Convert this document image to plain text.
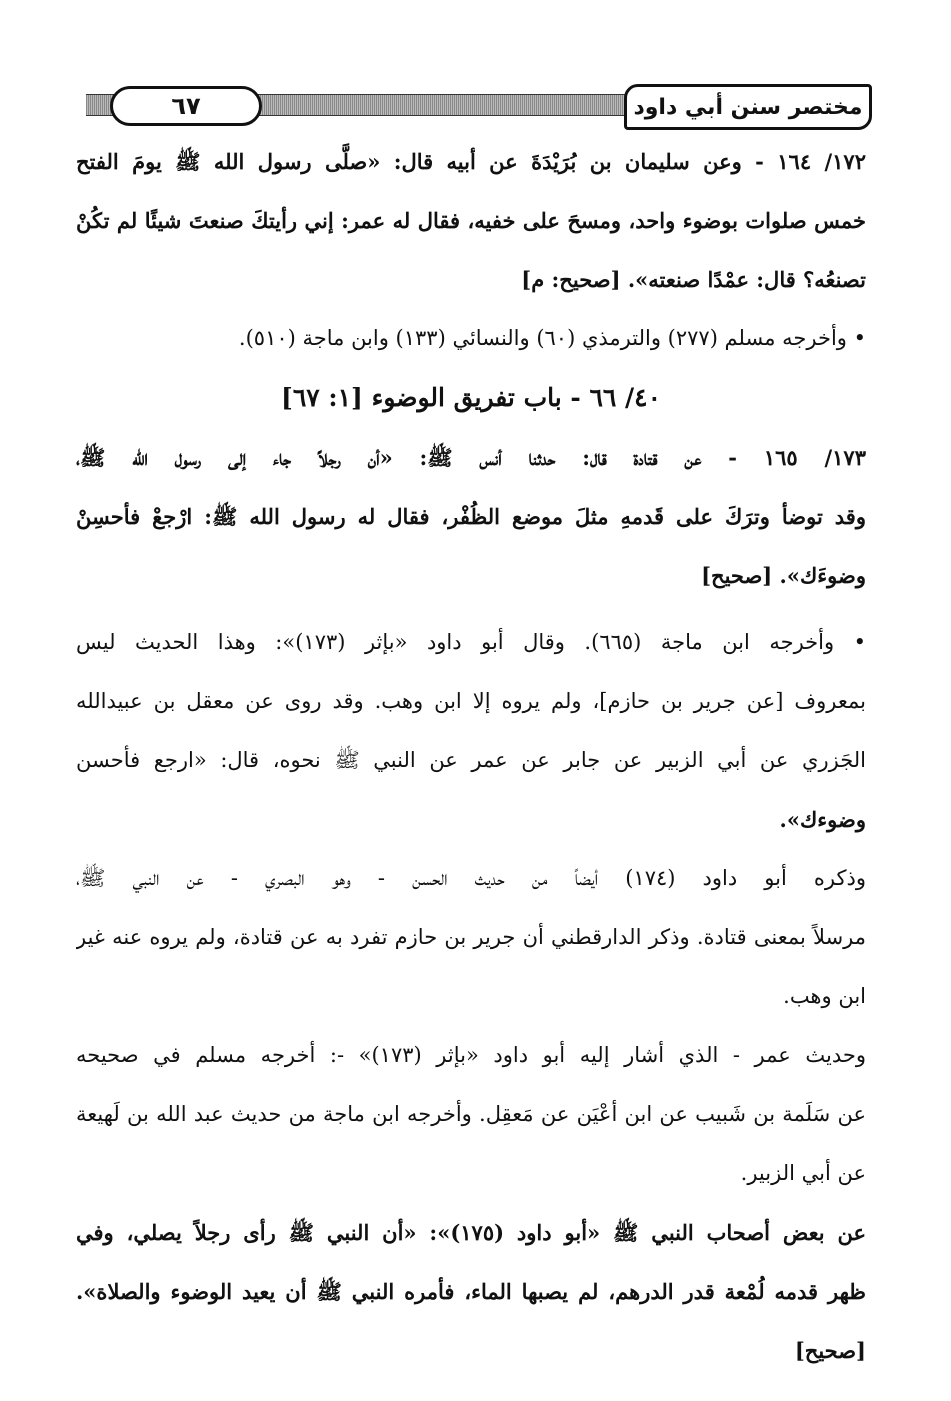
٦٧	مختصر سنن أبي داود
١٧٢/ ١٦٤ - وعن سليمان بن بُرَيْدَةَ عن أبيه قال: «صلَّى رسول الله ﷺ يومَ الفتح
خمس صلوات بوضوء واحد، ومسحَ على خفيه، فقال له عمر: إني رأيتكَ صنعتَ شيئًا لم تكُنْ
تصنعُه؟ قال: عمْدًا صنعته». [صحيح: م]
• وأخرجه مسلم (٢٧٧) والترمذي (٦٠) والنسائي (١٣٣) وابن ماجة (٥١٠).
٤٠/ ٦٦ - باب تفريق الوضوء [١: ٦٧]
١٧٣/ ١٦٥ - عن قتادة قال: حدثنا أنس ﷺ: «أن رجلاً جاء إلى رسول الله ﷺ،
وقد توضأ وترَكَ على قَدمهِ مثلَ موضع الظُفْر، فقال له رسول الله ﷺ: ارْجعْ فأحسِنْ
وضوءَك». [صحيح]
• وأخرجه ابن ماجة (٦٦٥). وقال أبو داود «بإثر (١٧٣)»: وهذا الحديث ليس
بمعروف [عن جرير بن حازم]، ولم يروه إلا ابن وهب. وقد روى عن معقل بن عبيدالله
الجَزري عن أبي الزبير عن جابر عن عمر عن النبي ﷺ نحوه، قال: «ارجع فأحسن
وضوءك».
وذكره أبو داود (١٧٤) أيضاً من حديث الحسن - وهو البصري - عن النبي ﷺ،
مرسلاً بمعنى قتادة. وذكر الدارقطني أن جرير بن حازم تفرد به عن قتادة، ولم يروه عنه غير
ابن وهب.
وحديث عمر - الذي أشار إليه أبو داود «بإثر (١٧٣)» -: أخرجه مسلم في صحيحه
عن سَلَمة بن شَبيب عن ابن أعْيَن عن مَعقِل. وأخرجه ابن ماجة من حديث عبد الله بن لَهيعة
عن أبي الزبير.
عن بعض أصحاب النبي ﷺ «أبو داود (١٧٥)»: «أن النبي ﷺ رأى رجلاً يصلي، وفي
ظهر قدمه لُمْعة قدر الدرهم، لم يصبها الماء، فأمره النبي ﷺ أن يعيد الوضوء والصلاة».
[صحيح]
